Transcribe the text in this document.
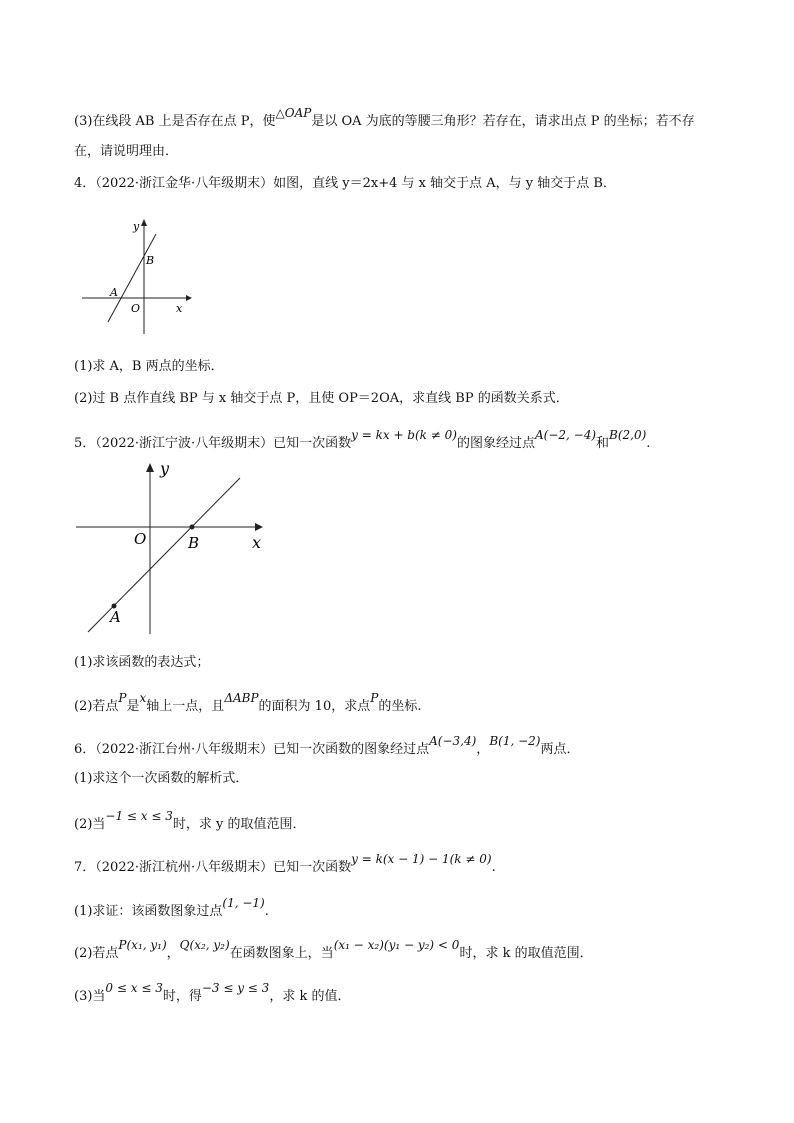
(3)在线段 AB 上是否存在点 P，使△OAP是以 OA 为底的等腰三角形？若存在，请求出点 P 的坐标；若不存
在，请说明理由．
4．（2022·浙江金华·八年级期末）如图，直线 y＝2x+4 与 x 轴交于点 A，与 y 轴交于点 B．
y
x
B
A
O
(1)求 A，B 两点的坐标．
(2)过 B 点作直线 BP 与 x 轴交于点 P，且使 OP＝2OA，求直线 BP 的函数关系式．
5．（2022·浙江宁波·八年级期末）已知一次函数y = kx + b(k ≠ 0)的图象经过点A(−2, −4)和B(2,0).
y
x
O	B
A
(1)求该函数的表达式；
(2)若点P是x轴上一点，且ΔABP的面积为 10，求点P的坐标.
6．（2022·浙江台州·八年级期末）已知一次函数的图象经过点A(−3,4)，B(1, −2)两点．
(1)求这个一次函数的解析式．
(2)当−1 ≤ x ≤ 3时，求 y 的取值范围．
7．（2022·浙江杭州·八年级期末）已知一次函数y = k(x − 1) − 1(k ≠ 0).
(1)求证：该函数图象过点(1, −1).
(2)若点P(x₁, y₁)，Q(x₂, y₂)在函数图象上，当(x₁ − x₂)(y₁ − y₂) < 0时，求 k 的取值范围．
(3)当0 ≤ x ≤ 3时，得−3 ≤ y ≤ 3，求 k 的值．
